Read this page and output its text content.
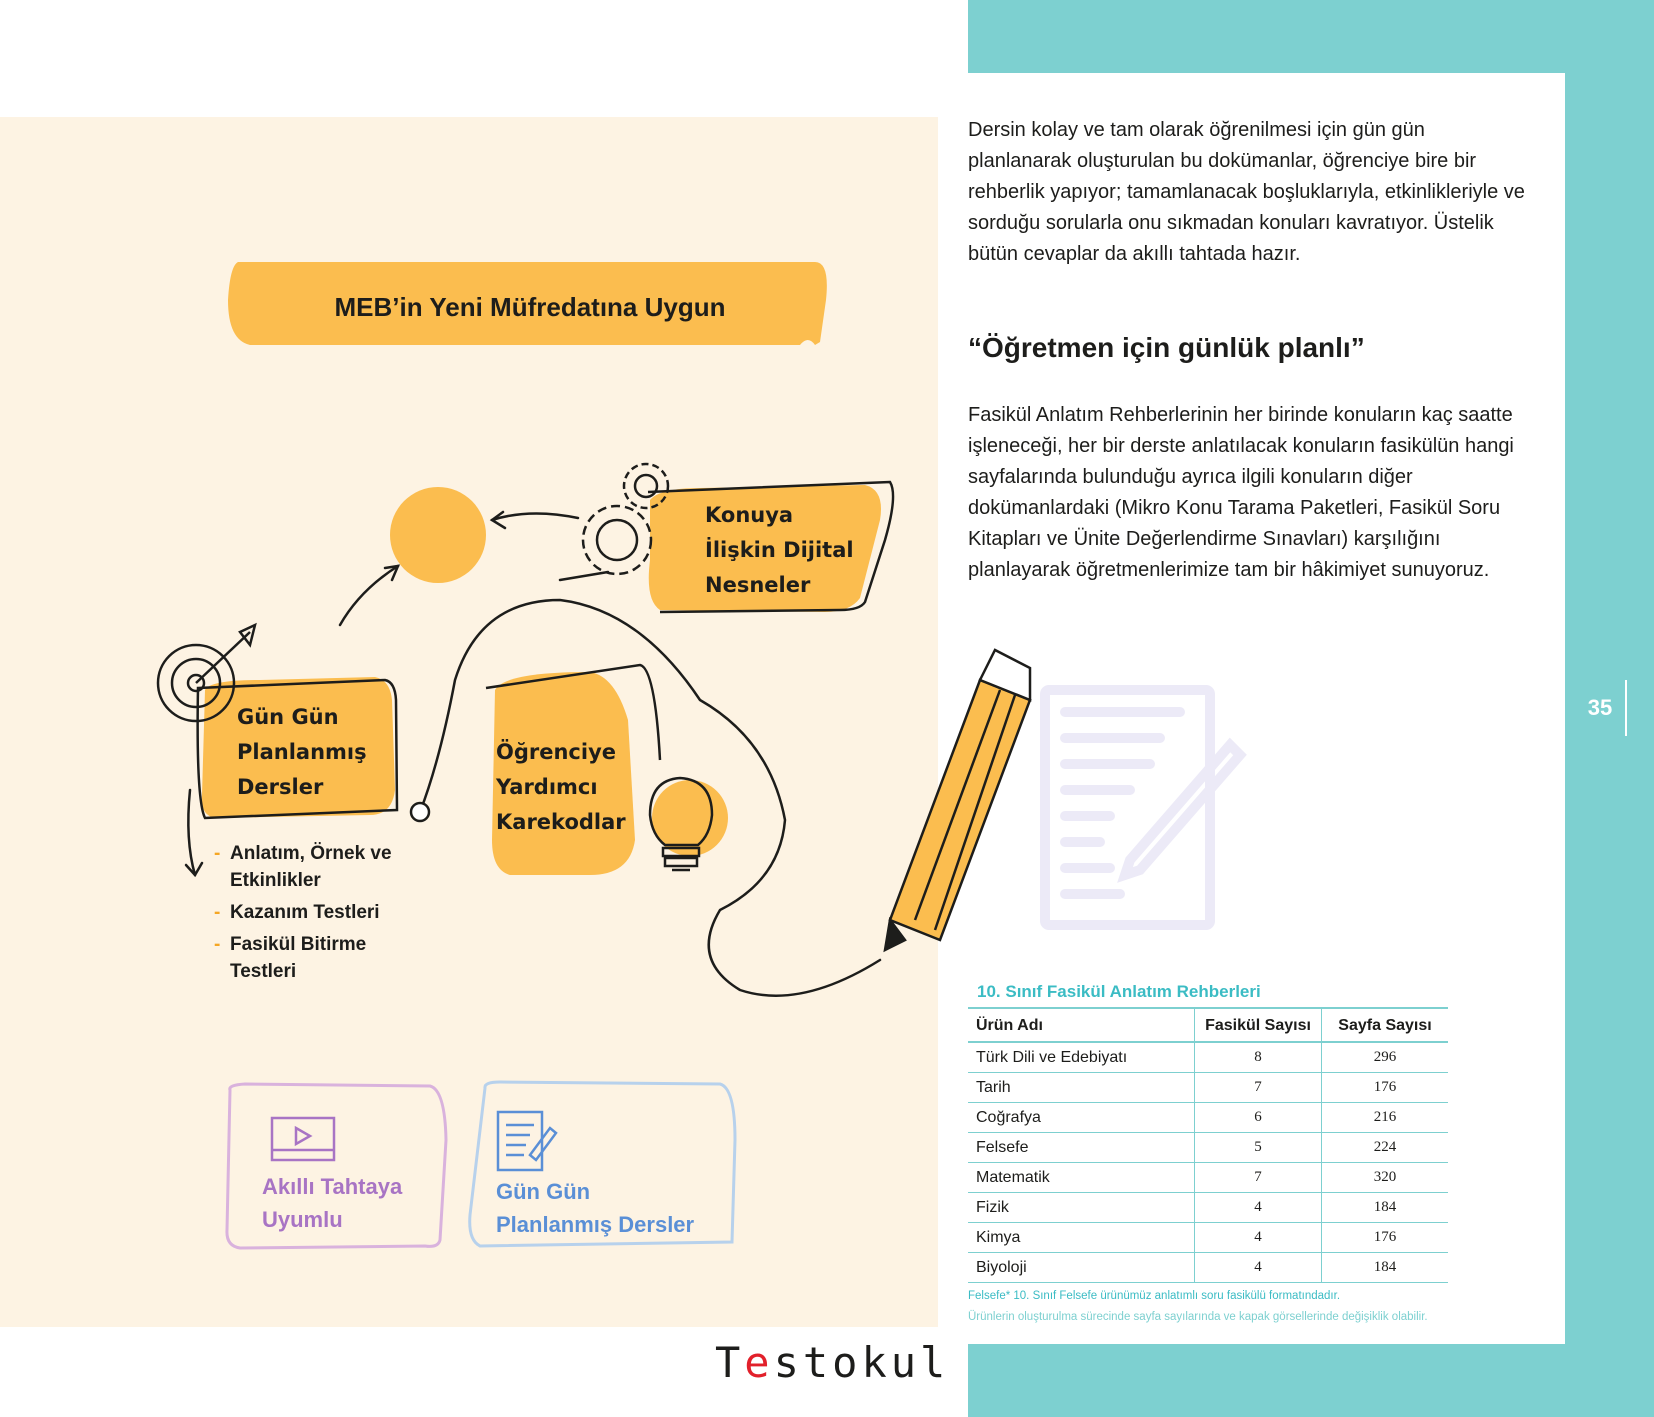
35
MEB’in Yeni Müfredatına Uygun
Gün Gün
Planlanmış
Dersler
Öğrenciye
Yardımcı
Karekodlar
Konuya
İlişkin Dijital
Nesneler
- Anlatım, Örnek ve Etkinlikler
- Kazanım Testleri
- Fasikül Bitirme Testleri
Akıllı Tahtaya
Uyumlu
Gün Gün
Planlanmış Dersler
Dersin kolay ve tam olarak öğrenilmesi için gün gün planlanarak oluşturulan bu dokümanlar, öğrenciye bire bir rehberlik yapıyor; tamamlanacak boşluklarıyla, etkinlikleriyle ve sorduğu sorularla onu sıkmadan konuları kavratıyor. Üstelik bütün cevaplar da akıllı tahtada hazır.
“Öğretmen için günlük planlı”
Fasikül Anlatım Rehberlerinin her birinde konuların kaç saatte işleneceği, her bir derste anlatılacak konuların fasikülün hangi sayfalarında bulunduğu ayrıca ilgili konuların diğer dokümanlardaki (Mikro Konu Tarama Paketleri, Fasikül Soru Kitapları ve Ünite Değerlendirme Sınavları) karşılığını planlayarak öğretmenlerimize tam bir hâkimiyet sunuyoruz.
10. Sınıf Fasikül Anlatım Rehberleri
Ürün Adı	Fasikül Sayısı	Sayfa Sayısı
Türk Dili ve Edebiyatı	8	296
Tarih	7	176
Coğrafya	6	216
Felsefe	5	224
Matematik	7	320
Fizik	4	184
Kimya	4	176
Biyoloji	4	184
Felsefe* 10. Sınıf Felsefe ürünümüz anlatımlı soru fasikülü formatındadır.
Ürünlerin oluşturulma sürecinde sayfa sayılarında ve kapak görsellerinde değişiklik olabilir.
Testokul
